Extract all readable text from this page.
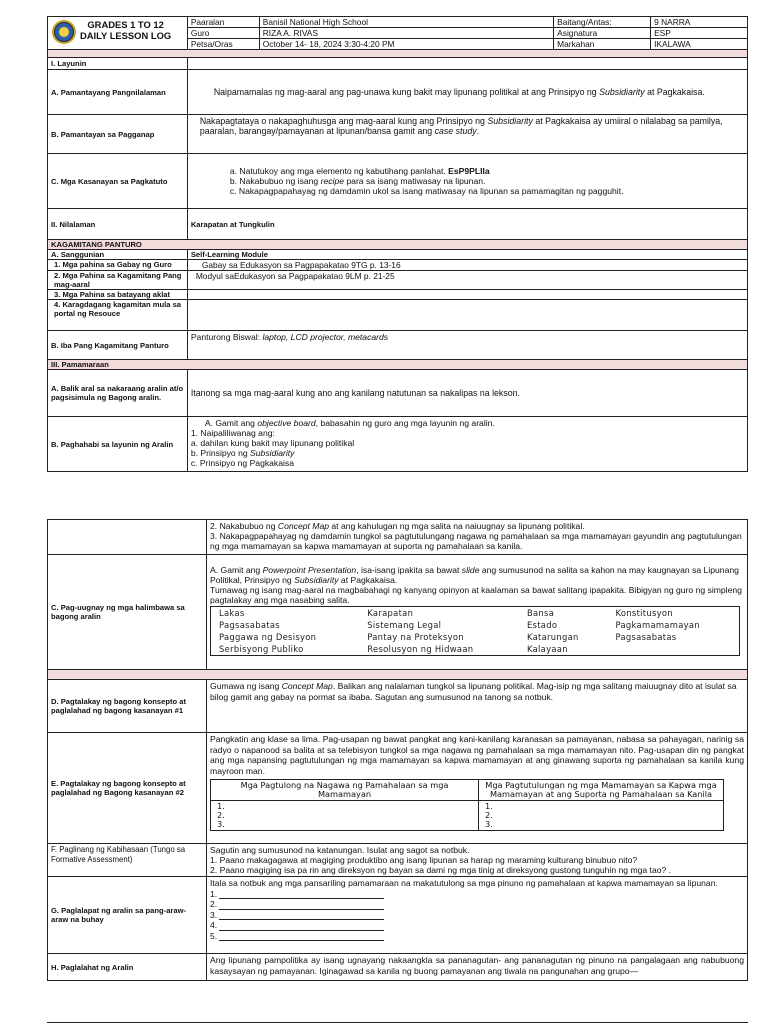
GRADES 1 TO 12
DAILY LESSON LOG	Paaralan	Banisil National High School	Baitang/Antas:	9 NARRA
	Guro	RIZA A. RIVAS	Asignatura	ESP
	Petsa/Oras	October 14- 18, 2024 3:30-4:20 PM	Markahan	IKALAWA

I. Layunin				
A. Pamantayang Pangnilalaman	Naipamamalas ng mag-aaral ang pag-unawa kung bakit may lipunang politikal at ang Prinsipyo ng Subsidiarity at Pagkakaisa.			
B. Pamantayan sa Pagganap	Nakapagtataya o nakapaghuhusga ang mag-aaral kung ang Prinsipyo ng Subsidiarity at Pagkakaisa ay umiiral o nilalabag sa pamilya, paaralan, barangay/pamayanan at lipunan/bansa gamit ang case study.			
C. Mga Kasanayan sa Pagkatuto	a. Natutukoy ang mga elemento ng kabutihang panlahat. EsP9PLIIa
b. Nakabubuo ng isang recipe para sa isang matiwasay na lipunan.
c. Nakapagpapahayag ng damdamin ukol sa isang matiwasay na lipunan sa pamamagitan ng pagguhit.			

II. Nilalaman	Karapatan at Tungkulin			
KAGAMITANG PANTURO				
A. Sanggunian	Self-Learning Module			
1. Mga pahina sa Gabay ng Guro	Gabay sa Edukasyon sa Pagpapakatao 9TG p. 13-16			
2. Mga Pahina sa Kagamitang Pang mag-aaral	Modyul saEdukasyon sa Pagpapakatao 9LM p. 21-25			
3. Mga Pahina sa batayang aklat				
4. Karagdagang kagamitan mula sa portal ng Resouce				
B. Iba Pang Kagamitang Panturo	Panturong Biswal: laptop, LCD projector, metacards			
III. Pamamaraan				
A. Balik aral sa nakaraang aralin at/o pagsisimula ng Bagong aralin.	Itanong sa mga mag-aaral kung ano ang kanilang natutunan sa nakalipas na lekson.			
B. Paghahabi sa layunin ng Aralin	A. Gamit ang objective board, babasahin ng guro ang mga layunin ng aralin.
1. Naipaliliwanag ang:
a. dahilan kung bakit may lipunang politikal
b. Prinsipyo ng Subsidiarity
c. Prinsipyo ng Pagkakaisa			

2. Nakabubuo ng Concept Map at ang kahulugan ng mga salita na naiuugnay sa lipunang politikal.
3. Nakapagpapahayag ng damdamin tungkol sa pagtutulungang nagawa ng pamahalaan sa mga mamamayan gayundin ang pagtutulungan ng mga mamamayan sa kapwa mamamayan at suporta ng pamahalaan sa kanila.

C. Pag-uugnay ng mga halimbawa sa bagong aralin	
A. Gamit ang Powerpoint Presentation, isa-isang ipakita sa bawat slide ang sumusunod na salita sa kahon na may kaugnayan sa Lipunang Politikal, Prinsipyo ng Subsidiarity at Pagkakaisa.
Tumawag ng isang mag-aaral na magbabahagi ng kanyang opinyon at kaalaman sa bawat salitang ipapakita. Bibigyan ng guro ng simpleng pagtalakay ang mga nasabing salita.
Lakas	Karapatan	Bansa	Konstitusyon
Pagsasabatas	Sistemang Legal	Estado	Pagkamamamayan
Paggawa ng Desisyon	Pantay na Proteksyon	Katarungan	Pagsasabatas
Serbisyong Publiko	Resolusyon ng Hidwaan	Kalayaan	

D. Pagtalakay ng bagong konsepto at paglalahad ng bagong kasanayan #1	Gumawa ng isang Concept Map. Balikan ang nalalaman tungkol sa lipunang politikal. Mag-isip ng mga salitang maiuugnay dito at isulat sa bilog gamit ang gabay na pormat sa ibaba. Sagutan ang sumusunod na tanong sa notbuk.
E. Pagtalakay ng bagong konsepto at paglalahad ng Bagong kasanayan #2	
Pangkatin ang klase sa lima. Pag-usapan ng bawat pangkat ang kani-kanilang karanasan sa pamayanan, nabasa sa pahayagan, narinig sa radyo o napanood sa balita at sa telebisyon tungkol sa mga nagawa ng pamahalaan sa mga mamamayan nito. Pag-usapan din ng pangkat ang mga napansing pagtutulungan ng mga mamamayan sa kapwa mamamayan at ang ginawang suporta ng pamahalaan sa kanila kung mayroon man.
Mga Pagtulong na Nagawa ng Pamahalaan sa mga Mamamayan	Mga Pagtutulungan ng mga Mamamayan sa Kapwa mga Mamamayan at ang Suporta ng Pamahalaan sa Kanila

1.
2.
3.

1.
2.
3.

F. Paglinang ng Kabihasaan (Tungo sa Formative Assessment)	
Sagutin ang sumusunod na katanungan. Isulat ang sagot sa notbuk.
1. Paano makagagawa at magiging produktibo ang isang lipunan sa harap ng maraming kulturang binubuo nito?
2. Paano magiging isa pa rin ang direksyon ng bayan sa dami ng mga tinig at direksyong gustong tunguhin ng mga tao? .

G. Paglalapat ng aralin sa pang-araw-araw na buhay	
Itala sa notbuk ang mga pansariling pamamaraan na makatutulong sa mga pinuno ng pamahalaan at kapwa mamamayan sa lipunan.
1.
2.
3.
4.
5.

H. Paglalahat ng Aralin	Ang lipunang pampolitika ay isang ugnayang nakaangkla sa pananagutan- ang pananagutan ng pinuno na pangalagaan ang nabubuong kasaysayan ng pamayanan. Iginagawad sa kanila ng buong pamayanan ang tiwala na pangunahan ang grupo—
